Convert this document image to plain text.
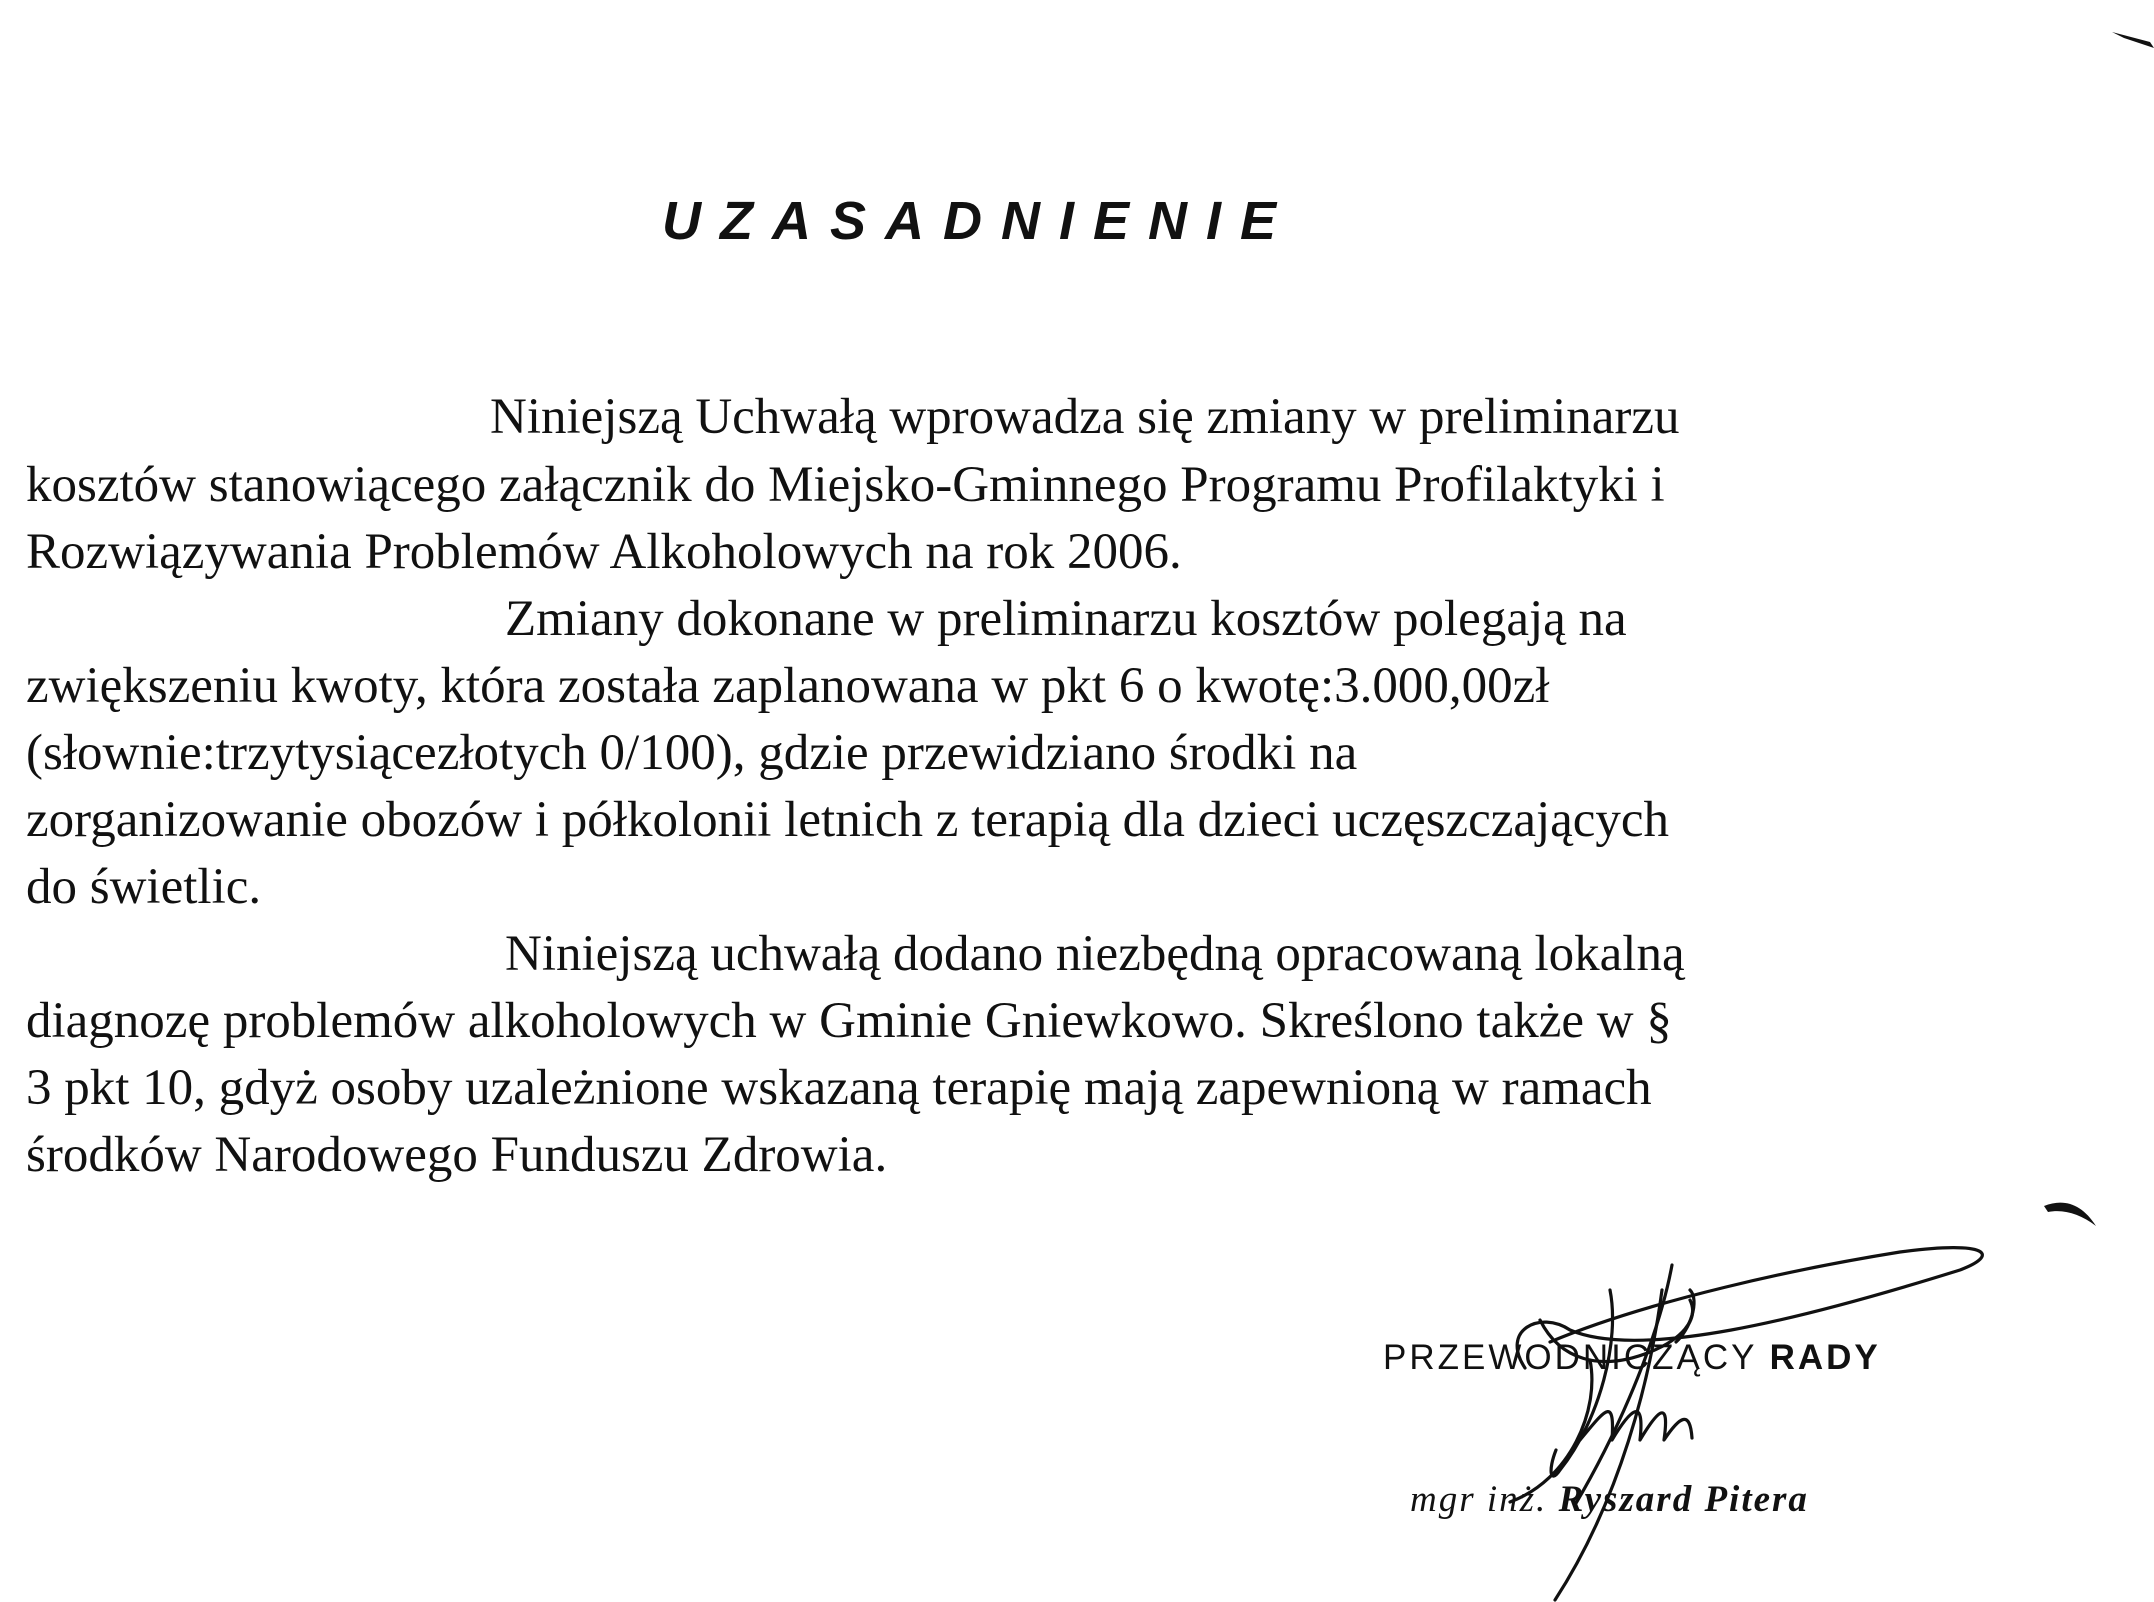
UZASADNIENIE
Niniejszą Uchwałą wprowadza się zmiany w preliminarzu
kosztów stanowiącego załącznik do Miejsko-Gminnego Programu Profilaktyki i
Rozwiązywania Problemów Alkoholowych na rok 2006.
Zmiany dokonane w preliminarzu kosztów polegają na
zwiększeniu kwoty, która została zaplanowana w pkt 6 o kwotę:3.000,00zł
(słownie:trzytysiącezłotych 0/100), gdzie przewidziano środki na
zorganizowanie obozów i półkolonii letnich z terapią dla dzieci uczęszczających
do świetlic.
Niniejszą uchwałą dodano niezbędną opracowaną lokalną
diagnozę problemów alkoholowych w Gminie Gniewkowo. Skreślono także w §
3 pkt 10, gdyż osoby uzależnione wskazaną terapię mają zapewnioną w ramach
środków Narodowego Funduszu Zdrowia.
PRZEWODNICZĄCY RADY
mgr inż. Ryszard Pitera
